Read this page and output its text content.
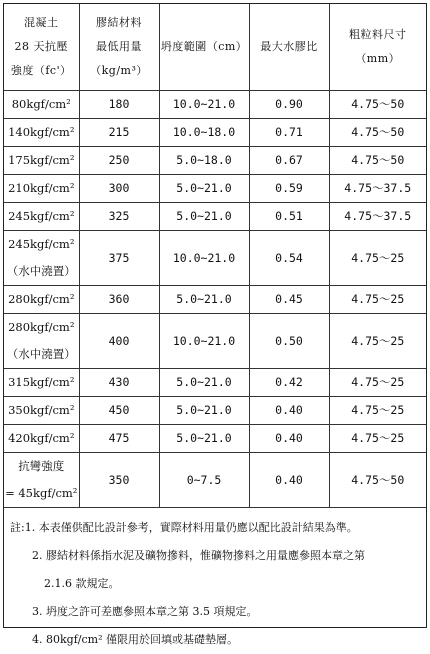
混凝土
28 天抗壓
強度（fc'）	膠結材料
最低用量
（kg/m³）	坍度範圍（cm）	最大水膠比	粗粒料尺寸
（mm）

80kgf/cm²	180	10.0~21.0	0.90	4.75～50

140kgf/cm²	215	10.0~18.0	0.71	4.75～50

175kgf/cm²	250	5.0~18.0	0.67	4.75～50

210kgf/cm²	300	5.0~21.0	0.59	4.75～37.5

245kgf/cm²	325	5.0~21.0	0.51	4.75～37.5

245kgf/cm²
（水中澆置）	375	10.0~21.0	0.54	4.75～25

280kgf/cm²	360	5.0~21.0	0.45	4.75～25

280kgf/cm²
（水中澆置）	400	10.0~21.0	0.50	4.75～25

315kgf/cm²	430	5.0~21.0	0.42	4.75～25

350kgf/cm²	450	5.0~21.0	0.40	4.75～25

420kgf/cm²	475	5.0~21.0	0.40	4.75～25

抗彎強度
= 45kgf/cm²	350	0~7.5	0.40	4.75～50
註:1. 本表僅供配比設計參考，實際材料用量仍應以配比設計結果為準。
2. 膠結材料係指水泥及礦物摻料，惟礦物摻料之用量應參照本章之第
2.1.6 款規定。
3. 坍度之許可差應參照本章之第 3.5 項規定。
4. 80kgf/cm² 僅限用於回填或基礎墊層。
